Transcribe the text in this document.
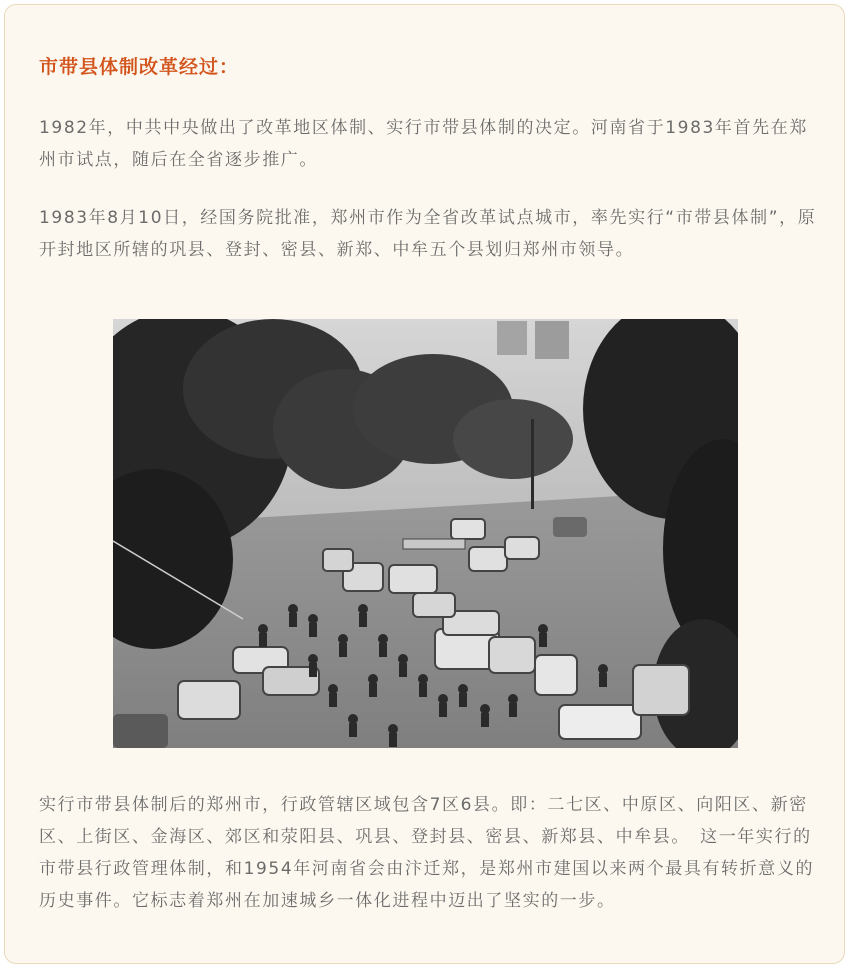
市带县体制改革经过：

1982年，中共中央做出了改革地区体制、实行市带县体制的决定。河南省于1983年首先在郑州市试点，随后在全省逐步推广。

1983年8月10日，经国务院批准，郑州市作为全省改革试点城市，率先实行“市带县体制”，原开封地区所辖的巩县、登封、密县、新郑、中牟五个县划归郑州市领导。

实行市带县体制后的郑州市，行政管辖区域包含7区6县。即：二七区、中原区、向阳区、新密区、上街区、金海区、郊区和荥阳县、巩县、登封县、密县、新郑县、中牟县。　这一年实行的市带县行政管理体制，和1954年河南省会由汴迁郑，是郑州市建国以来两个最具有转折意义的历史事件。它标志着郑州在加速城乡一体化进程中迈出了坚实的一步。
